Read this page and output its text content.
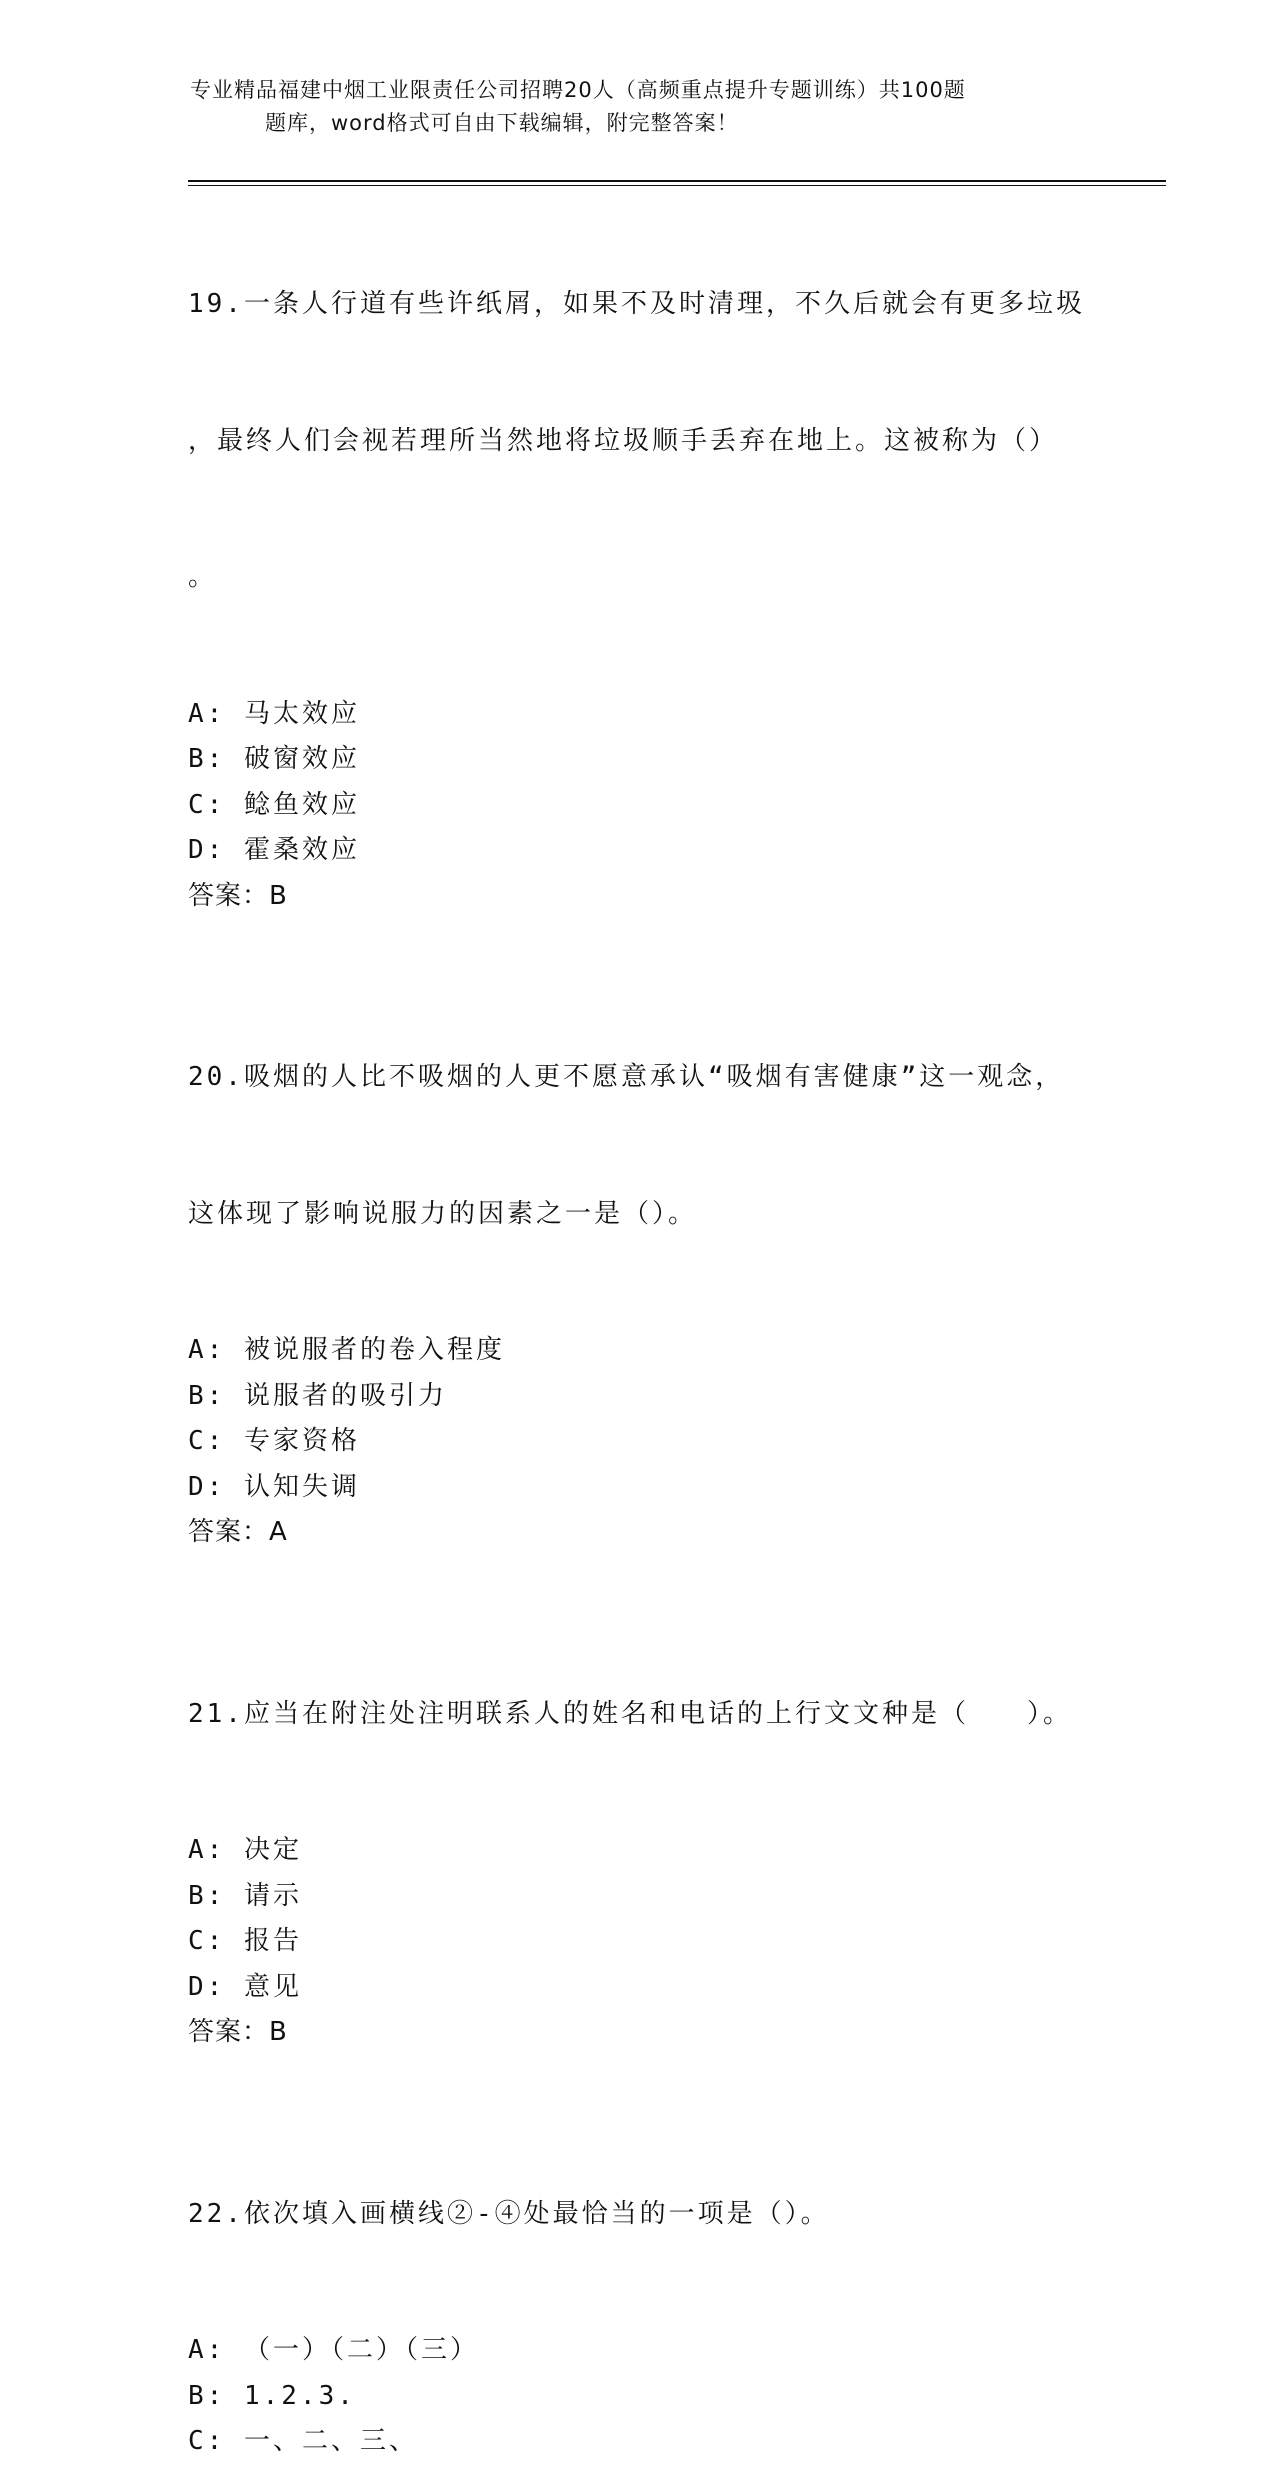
专业精品福建中烟工业限责任公司招聘20人（高频重点提升专题训练）共100题
题库，word格式可自由下载编辑，附完整答案！

19.一条人行道有些许纸屑，如果不及时清理，不久后就会有更多垃圾

，最终人们会视若理所当然地将垃圾顺手丢弃在地上。这被称为（）

。

A: 马太效应
B: 破窗效应
C: 鲶鱼效应
D: 霍桑效应
答案：B

20.吸烟的人比不吸烟的人更不愿意承认“吸烟有害健康”这一观念，

这体现了影响说服力的因素之一是（）。

A: 被说服者的卷入程度
B: 说服者的吸引力
C: 专家资格
D: 认知失调
答案：A

21.应当在附注处注明联系人的姓名和电话的上行文文种是（　　）。

A: 决定
B: 请示
C: 报告
D: 意见
答案：B

22.依次填入画横线②-④处最恰当的一项是（）。

A: （一）（二）（三）
B: 1.2.3.
C: 一、二、三、
